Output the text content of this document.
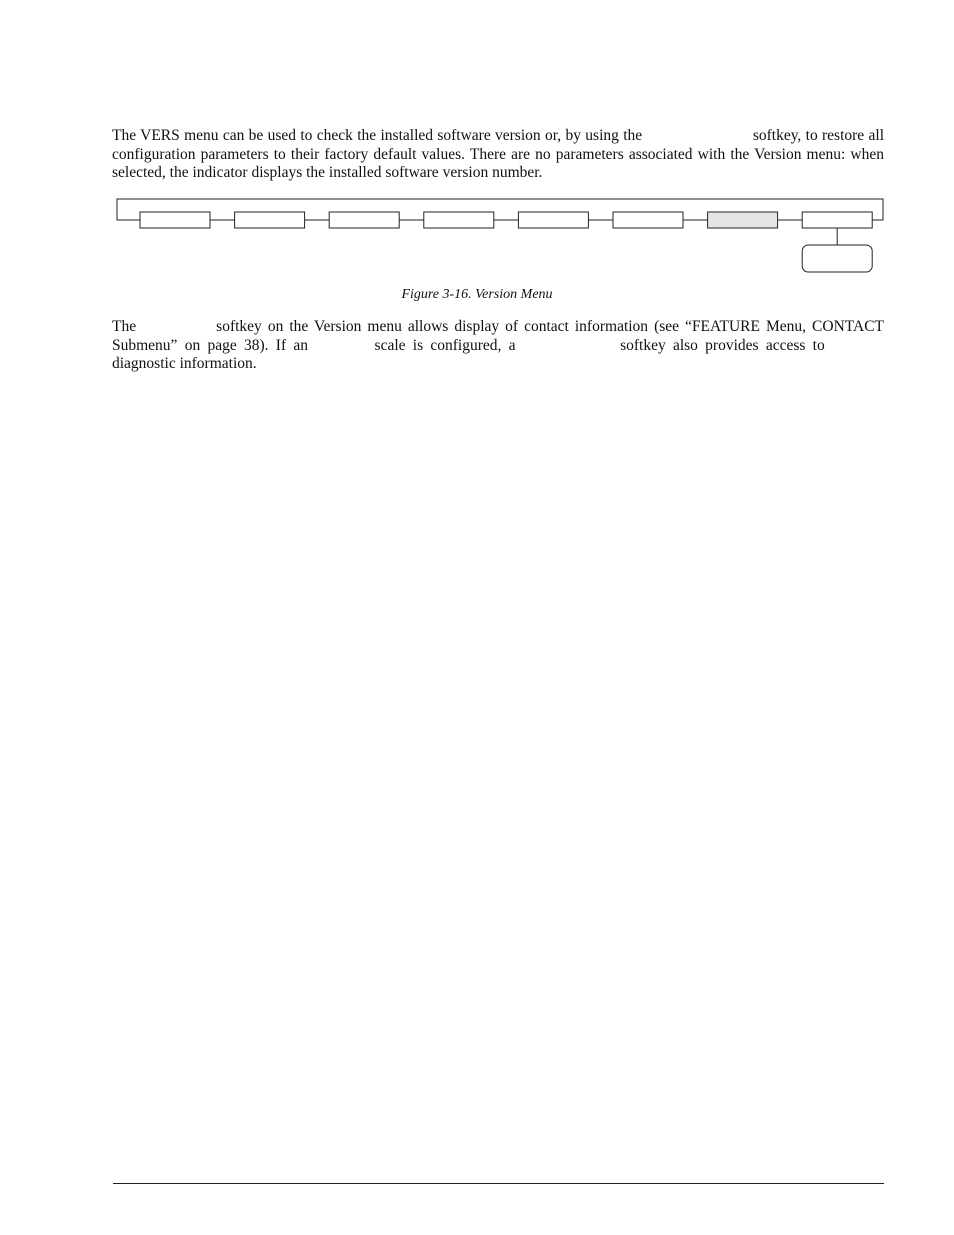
The VERS menu can be used to check the installed software version or, by using the	softkey, to restore all configuration parameters to their factory default values. There are no parameters associated with the Version menu: when selected, the indicator displays the installed software version number.

Figure 3-16. Version Menu

The	softkey on the Version menu allows display of contact information (see “FEATURE Menu, CONTACT Submenu” on page 38). If an	scale is configured, a	softkey also provides access to  diagnostic information.
